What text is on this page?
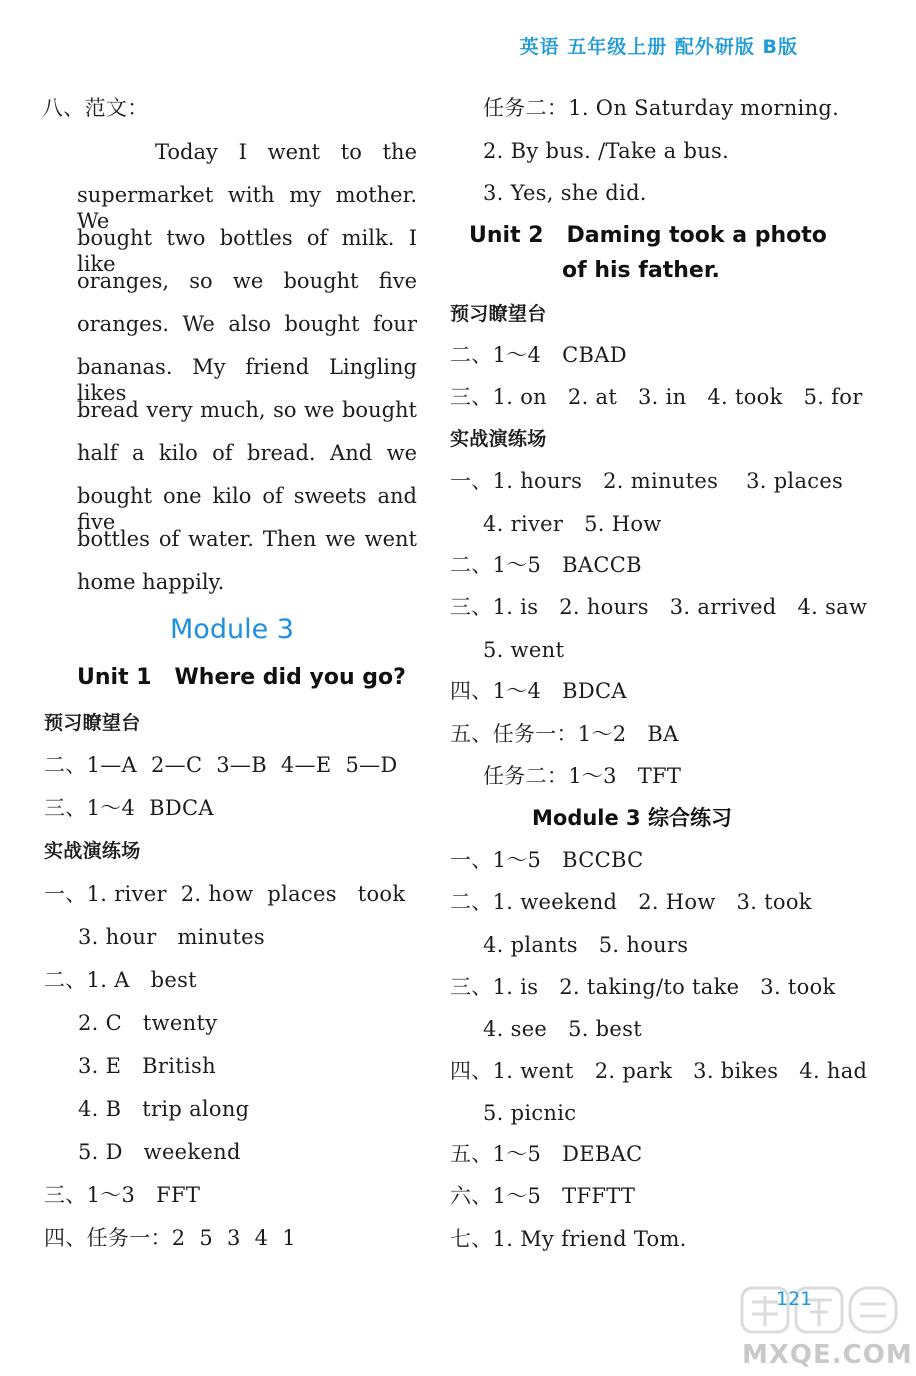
英语 五年级上册 配外研版 B版
八、范文：
Today I went to the
supermarket with my mother. We
bought two bottles of milk. I like
oranges, so we bought five
oranges. We also bought four
bananas. My friend Lingling likes
bread very much, so we bought
half a kilo of bread. And we
bought one kilo of sweets and five
bottles of water. Then we went
home happily.
Module 3
Unit 1   Where did you go?
预习瞭望台
二、1—A  2—C  3—B  4—E  5—D
三、1～4  BDCA
实战演练场
一、1. river  2. how  places   took
3. hour   minutes
二、1. A   best
2. C   twenty
3. E   British
4. B   trip along
5. D   weekend
三、1～3   FFT
四、任务一：2  5  3  4  1
任务二：1. On Saturday morning.
2. By bus. /Take a bus.
3. Yes, she did.
Unit 2   Daming took a photo
of his father.
预习瞭望台
二、1～4   CBAD
三、1. on   2. at   3. in   4. took   5. for
实战演练场
一、1. hours   2. minutes    3. places
4. river   5. How
二、1～5   BACCB
三、1. is   2. hours   3. arrived   4. saw
5. went
四、1～4   BDCA
五、任务一：1～2   BA
任务二：1～3   TFT
Module 3 综合练习
一、1～5   BCCBC
二、1. weekend   2. How   3. took
4. plants   5. hours
三、1. is   2. taking/to take   3. took
4. see   5. best
四、1. went   2. park   3. bikes   4. had
5. picnic
五、1～5   DEBAC
六、1～5   TFFTT
七、1. My friend Tom.
MXQE.COM
121
